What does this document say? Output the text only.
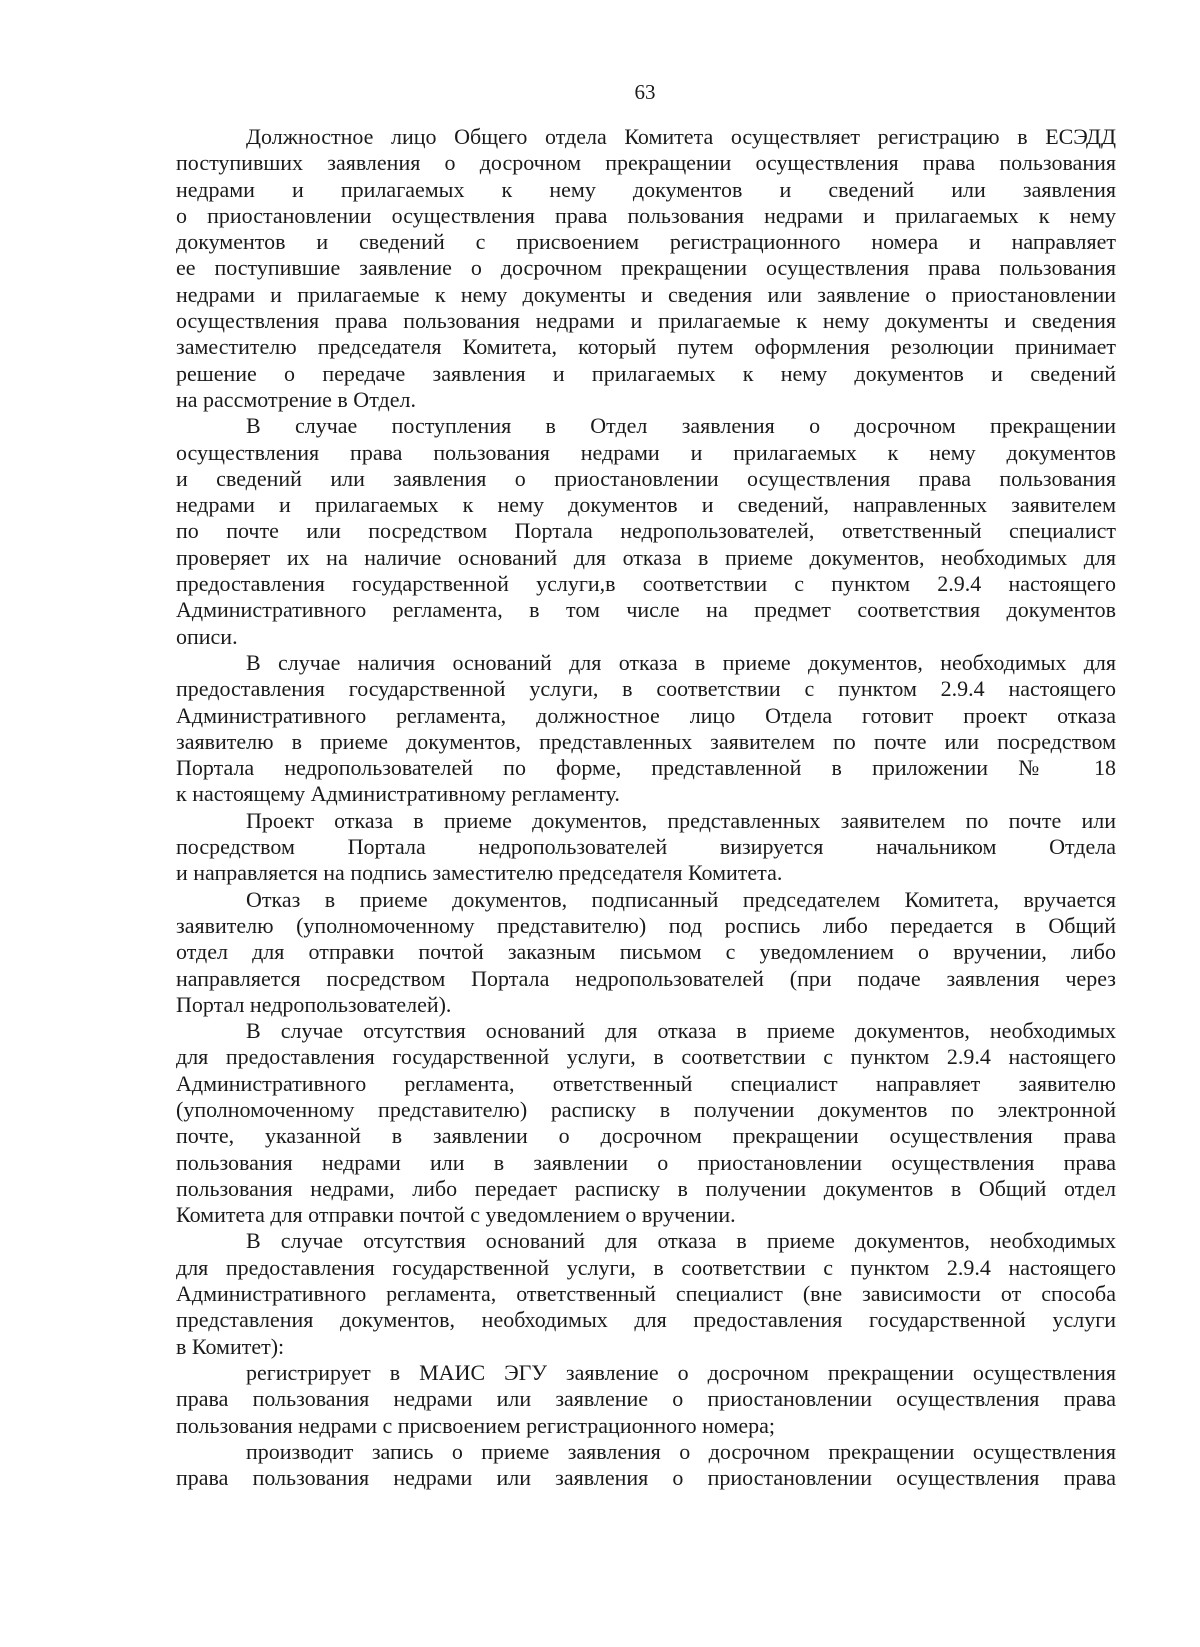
63

Должностное лицо Общего отдела Комитета осуществляет регистрацию в ЕСЭДД
поступивших заявления о досрочном прекращении осуществления права пользования
недрами и прилагаемых к нему документов и сведений или заявления
о приостановлении осуществления права пользования недрами и прилагаемых к нему
документов и сведений с присвоением регистрационного номера и направляет
ее поступившие заявление о досрочном прекращении осуществления права пользования
недрами и прилагаемые к нему документы и сведения или заявление о приостановлении
осуществления права пользования недрами и прилагаемые к нему документы и сведения
заместителю председателя Комитета, который путем оформления резолюции принимает
решение о передаче заявления и прилагаемых к нему документов и сведений
на рассмотрение в Отдел.

В случае поступления в Отдел заявления о досрочном прекращении
осуществления права пользования недрами и прилагаемых к нему документов
и сведений или заявления о приостановлении осуществления права пользования
недрами и прилагаемых к нему документов и сведений, направленных заявителем
по почте или посредством Портала недропользователей, ответственный специалист
проверяет их на наличие оснований для отказа в приеме документов, необходимых для
предоставления государственной услуги,в соответствии с пунктом 2.9.4 настоящего
Административного регламента, в том числе на предмет соответствия документов
описи.

В случае наличия оснований для отказа в приеме документов, необходимых для
предоставления государственной услуги, в соответствии с пунктом 2.9.4 настоящего
Административного регламента, должностное лицо Отдела готовит проект отказа
заявителю в приеме документов, представленных заявителем по почте или посредством
Портала недропользователей по форме, представленной в приложении № 18
к настоящему Административному регламенту.

Проект отказа в приеме документов, представленных заявителем по почте или
посредством Портала недропользователей визируется начальником Отдела
и направляется на подпись заместителю председателя Комитета.

Отказ в приеме документов, подписанный председателем Комитета, вручается
заявителю (уполномоченному представителю) под роспись либо передается в Общий
отдел для отправки почтой заказным письмом с уведомлением о вручении, либо
направляется посредством Портала недропользователей (при подаче заявления через
Портал недропользователей).

В случае отсутствия оснований для отказа в приеме документов, необходимых
для предоставления государственной услуги, в соответствии с пунктом 2.9.4 настоящего
Административного регламента, ответственный специалист направляет заявителю
(уполномоченному представителю) расписку в получении документов по электронной
почте, указанной в заявлении о досрочном прекращении осуществления права
пользования недрами или в заявлении о приостановлении осуществления права
пользования недрами, либо передает расписку в получении документов в Общий отдел
Комитета для отправки почтой с уведомлением о вручении.

В случае отсутствия оснований для отказа в приеме документов, необходимых
для предоставления государственной услуги, в соответствии с пунктом 2.9.4 настоящего
Административного регламента, ответственный специалист (вне зависимости от способа
представления документов, необходимых для предоставления государственной услуги
в Комитет):

регистрирует в МАИС ЭГУ заявление о досрочном прекращении осуществления
права пользования недрами или заявление о приостановлении осуществления права
пользования недрами с присвоением регистрационного номера;

производит запись о приеме заявления о досрочном прекращении осуществления
права пользования недрами или заявления о приостановлении осуществления права
